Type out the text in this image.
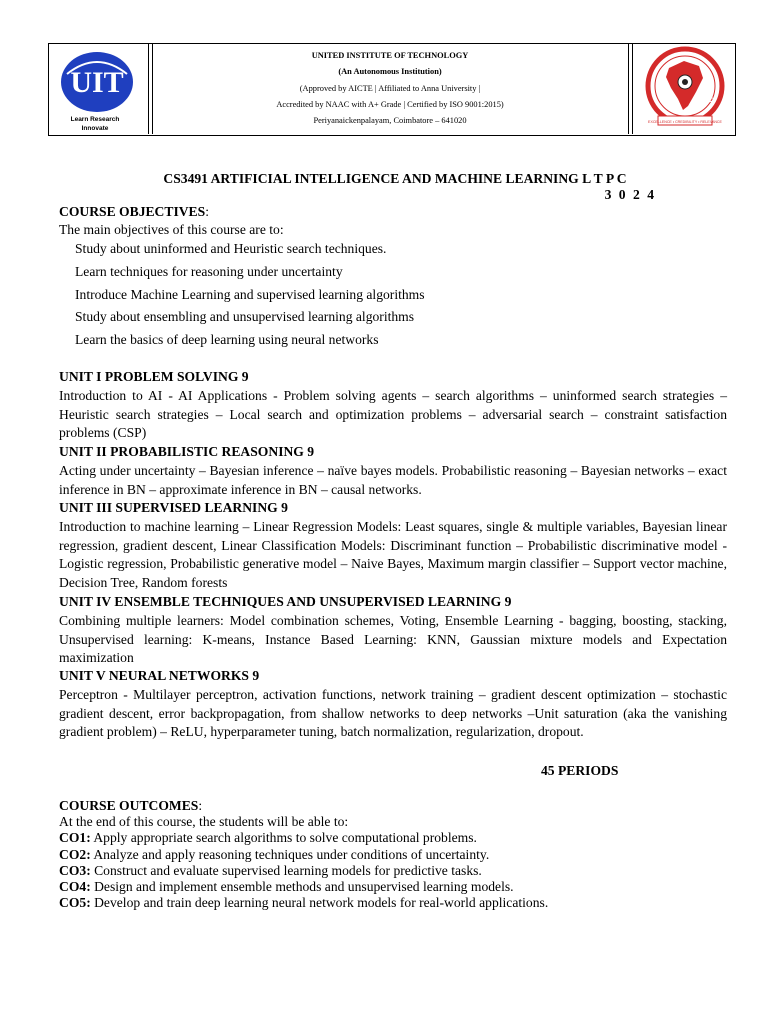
UIT
Learn Research
Innovate
UNITED INSTITUTE OF TECHNOLOGY
(An Autonomous Institution)
(Approved by AICTE | Affiliated to Anna University |
Accredited by NAAC with A+ Grade | Certified by ISO 9001:2015)
Periyanaickenpalayam, Coimbatore – 641020
NAAC
EXCELLENCE • CREDIBILITY • RELEVANCE
CS3491 ARTIFICIAL INTELLIGENCE AND MACHINE LEARNING L T P C
3 0 2 4
COURSE OBJECTIVES:
The main objectives of this course are to:
Study about uninformed and Heuristic search techniques.
Learn techniques for reasoning under uncertainty
Introduce Machine Learning and supervised learning algorithms
Study about ensembling and unsupervised learning algorithms
Learn the basics of deep learning using neural networks
UNIT I PROBLEM SOLVING 9

Introduction to AI - AI Applications - Problem solving agents – search algorithms – uninformed search strategies – Heuristic search strategies – Local search and optimization problems – adversarial search – constraint satisfaction problems (CSP)

UNIT II PROBABILISTIC REASONING 9

Acting under uncertainty – Bayesian inference – naïve bayes models. Probabilistic reasoning – Bayesian networks – exact inference in BN – approximate inference in BN – causal networks.

UNIT III SUPERVISED LEARNING 9

Introduction to machine learning – Linear Regression Models: Least squares, single & multiple variables, Bayesian linear regression, gradient descent, Linear Classification Models: Discriminant function – Probabilistic discriminative model - Logistic regression, Probabilistic generative model – Naive Bayes, Maximum margin classifier – Support vector machine, Decision Tree, Random forests

UNIT IV ENSEMBLE TECHNIQUES AND UNSUPERVISED LEARNING 9

Combining multiple learners: Model combination schemes, Voting, Ensemble Learning - bagging, boosting, stacking, Unsupervised learning: K-means, Instance Based Learning: KNN, Gaussian mixture models and Expectation maximization

UNIT V NEURAL NETWORKS 9

Perceptron - Multilayer perceptron, activation functions, network training – gradient descent optimization – stochastic gradient descent, error backpropagation, from shallow networks to deep networks –Unit saturation (aka the vanishing gradient problem) – ReLU, hyperparameter tuning, batch normalization, regularization, dropout.

45 PERIODS
COURSE OUTCOMES:
At the end of this course, the students will be able to:
CO1: Apply appropriate search algorithms to solve computational problems.
CO2: Analyze and apply reasoning techniques under conditions of uncertainty.
CO3: Construct and evaluate supervised learning models for predictive tasks.
CO4: Design and implement ensemble methods and unsupervised learning models.
CO5: Develop and train deep learning neural network models for real-world applications.
